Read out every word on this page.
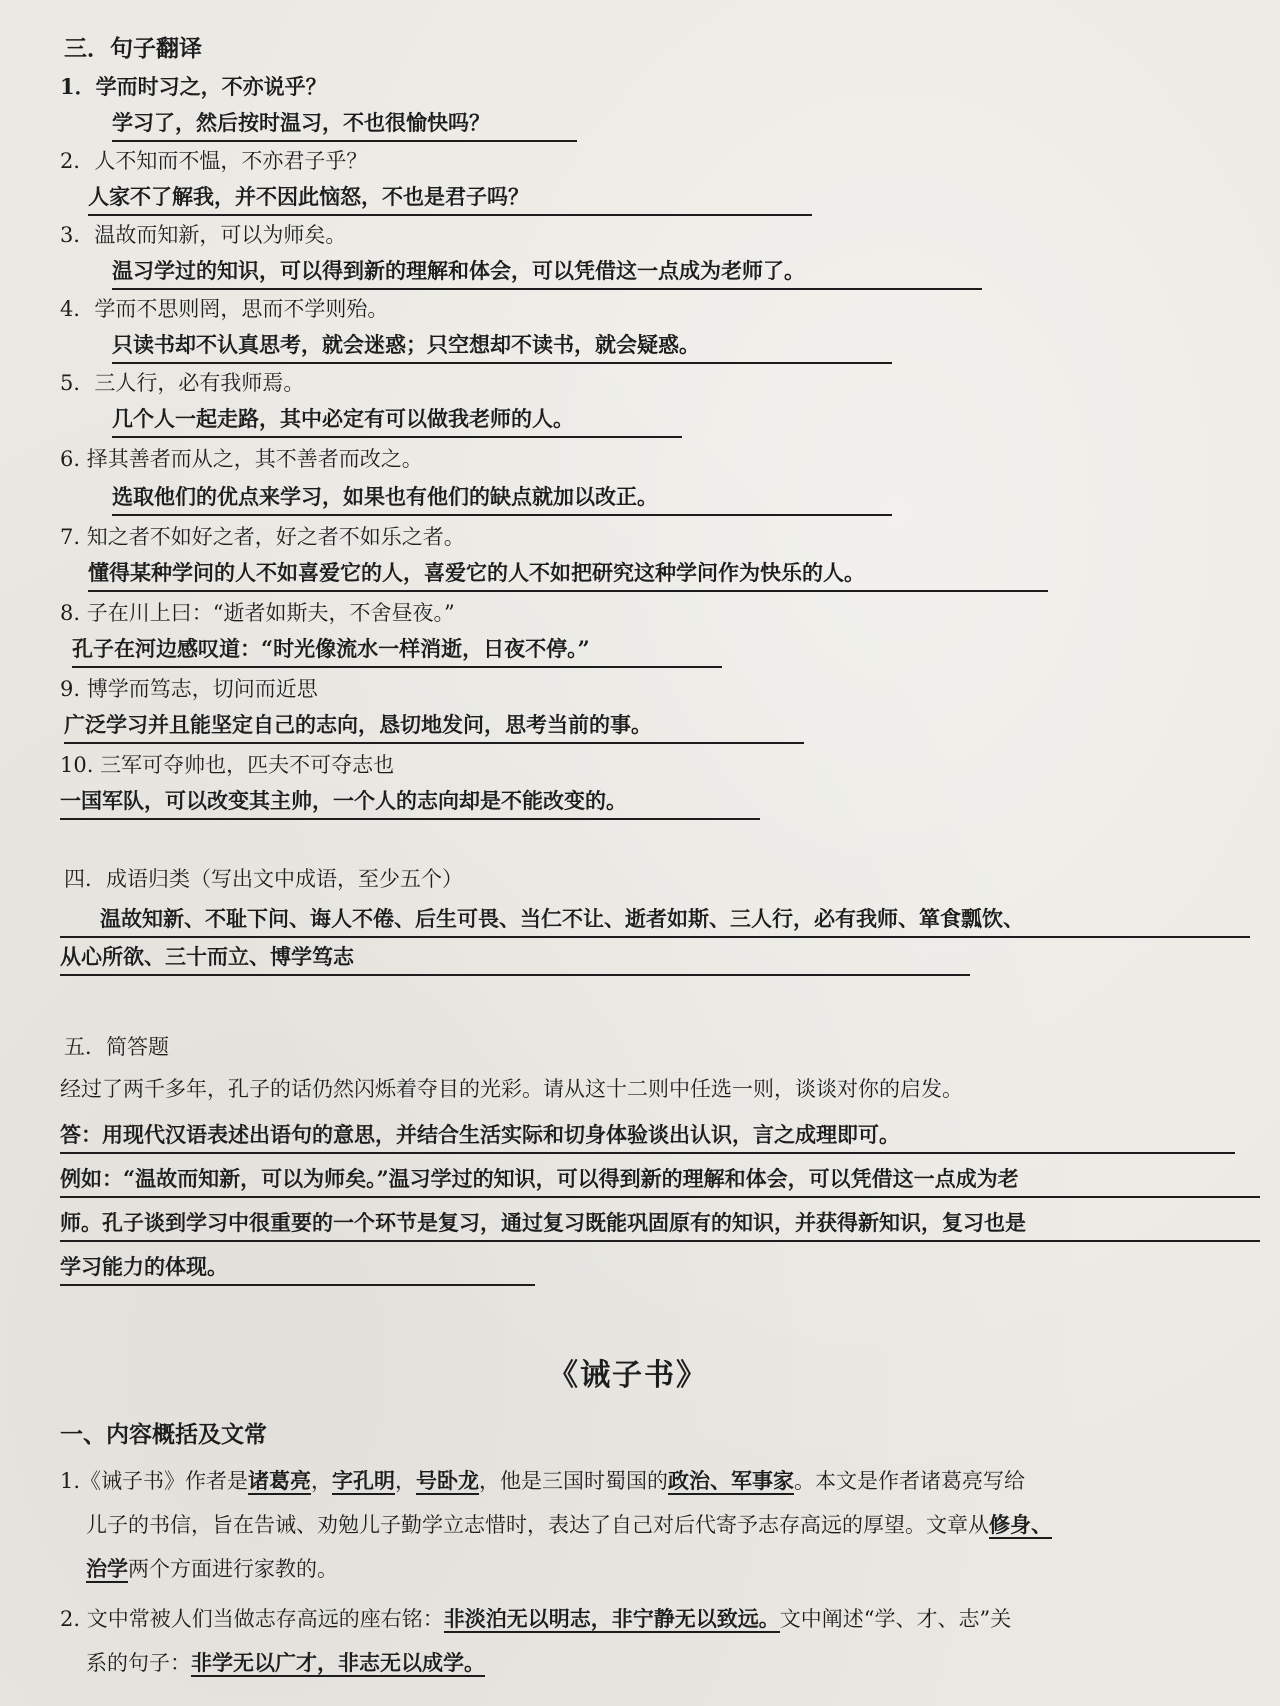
三．句子翻译
1．学而时习之，不亦说乎？
学习了，然后按时温习，不也很愉快吗？
2．人不知而不愠，不亦君子乎？
人家不了解我，并不因此恼怒，不也是君子吗？
3．温故而知新，可以为师矣。
温习学过的知识，可以得到新的理解和体会，可以凭借这一点成为老师了。
4．学而不思则罔，思而不学则殆。
只读书却不认真思考，就会迷惑；只空想却不读书，就会疑惑。
5．三人行，必有我师焉。
几个人一起走路，其中必定有可以做我老师的人。
6. 择其善者而从之，其不善者而改之。
选取他们的优点来学习，如果也有他们的缺点就加以改正。
7. 知之者不如好之者，好之者不如乐之者。
懂得某种学问的人不如喜爱它的人，喜爱它的人不如把研究这种学问作为快乐的人。
8. 子在川上曰：“逝者如斯夫，不舍昼夜。”
孔子在河边感叹道：“时光像流水一样消逝，日夜不停。”
9. 博学而笃志，切问而近思
广泛学习并且能坚定自己的志向，恳切地发问，思考当前的事。
10. 三军可夺帅也，匹夫不可夺志也
一国军队，可以改变其主帅，一个人的志向却是不能改变的。
四．成语归类（写出文中成语，至少五个）
温故知新、不耻下问、诲人不倦、后生可畏、当仁不让、逝者如斯、三人行，必有我师、箪食瓢饮、
从心所欲、三十而立、博学笃志
五．简答题
经过了两千多年，孔子的话仍然闪烁着夺目的光彩。请从这十二则中任选一则，谈谈对你的启发。
答：用现代汉语表述出语句的意思，并结合生活实际和切身体验谈出认识，言之成理即可。
例如：“温故而知新，可以为师矣。”温习学过的知识，可以得到新的理解和体会，可以凭借这一点成为老
师。孔子谈到学习中很重要的一个环节是复习，通过复习既能巩固原有的知识，并获得新知识，复习也是
学习能力的体现。
《诫子书》
一、内容概括及文常
1.《诫子书》作者是诸葛亮，字孔明，号卧龙，他是三国时蜀国的政治、军事家。本文是作者诸葛亮写给
儿子的书信，旨在告诫、劝勉儿子勤学立志惜时，表达了自己对后代寄予志存高远的厚望。文章从修身、
治学两个方面进行家教的。
2. 文中常被人们当做志存高远的座右铭：非淡泊无以明志，非宁静无以致远。文中阐述“学、才、志”关
系的句子：非学无以广才，非志无以成学。
